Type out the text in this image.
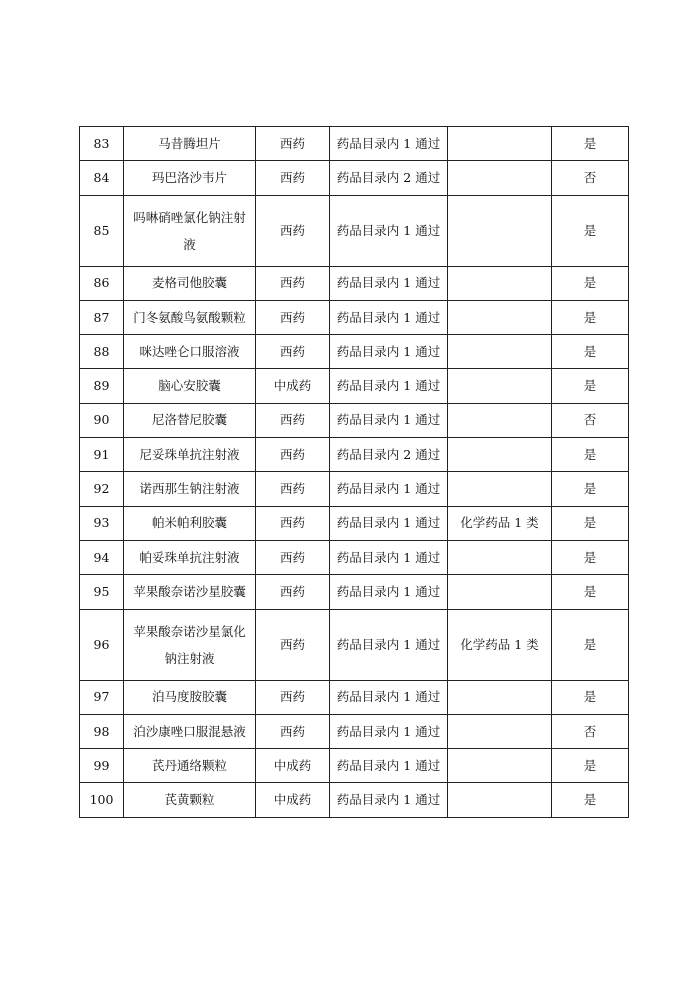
83	马昔腾坦片	西药	药品目录内 1 通过		是
84	玛巴洛沙韦片	西药	药品目录内 2 通过		否
85	吗啉硝唑氯化钠注射液	西药	药品目录内 1 通过		是
86	麦格司他胶囊	西药	药品目录内 1 通过		是
87	门冬氨酸鸟氨酸颗粒	西药	药品目录内 1 通过		是
88	咪达唑仑口服溶液	西药	药品目录内 1 通过		是
89	脑心安胶囊	中成药	药品目录内 1 通过		是
90	尼洛替尼胶囊	西药	药品目录内 1 通过		否
91	尼妥珠单抗注射液	西药	药品目录内 2 通过		是
92	诺西那生钠注射液	西药	药品目录内 1 通过		是
93	帕米帕利胶囊	西药	药品目录内 1 通过	化学药品 1 类	是
94	帕妥珠单抗注射液	西药	药品目录内 1 通过		是
95	苹果酸奈诺沙星胶囊	西药	药品目录内 1 通过		是
96	苹果酸奈诺沙星氯化钠注射液	西药	药品目录内 1 通过	化学药品 1 类	是
97	泊马度胺胶囊	西药	药品目录内 1 通过		是
98	泊沙康唑口服混悬液	西药	药品目录内 1 通过		否
99	芪丹通络颗粒	中成药	药品目录内 1 通过		是
100	芪黄颗粒	中成药	药品目录内 1 通过		是
